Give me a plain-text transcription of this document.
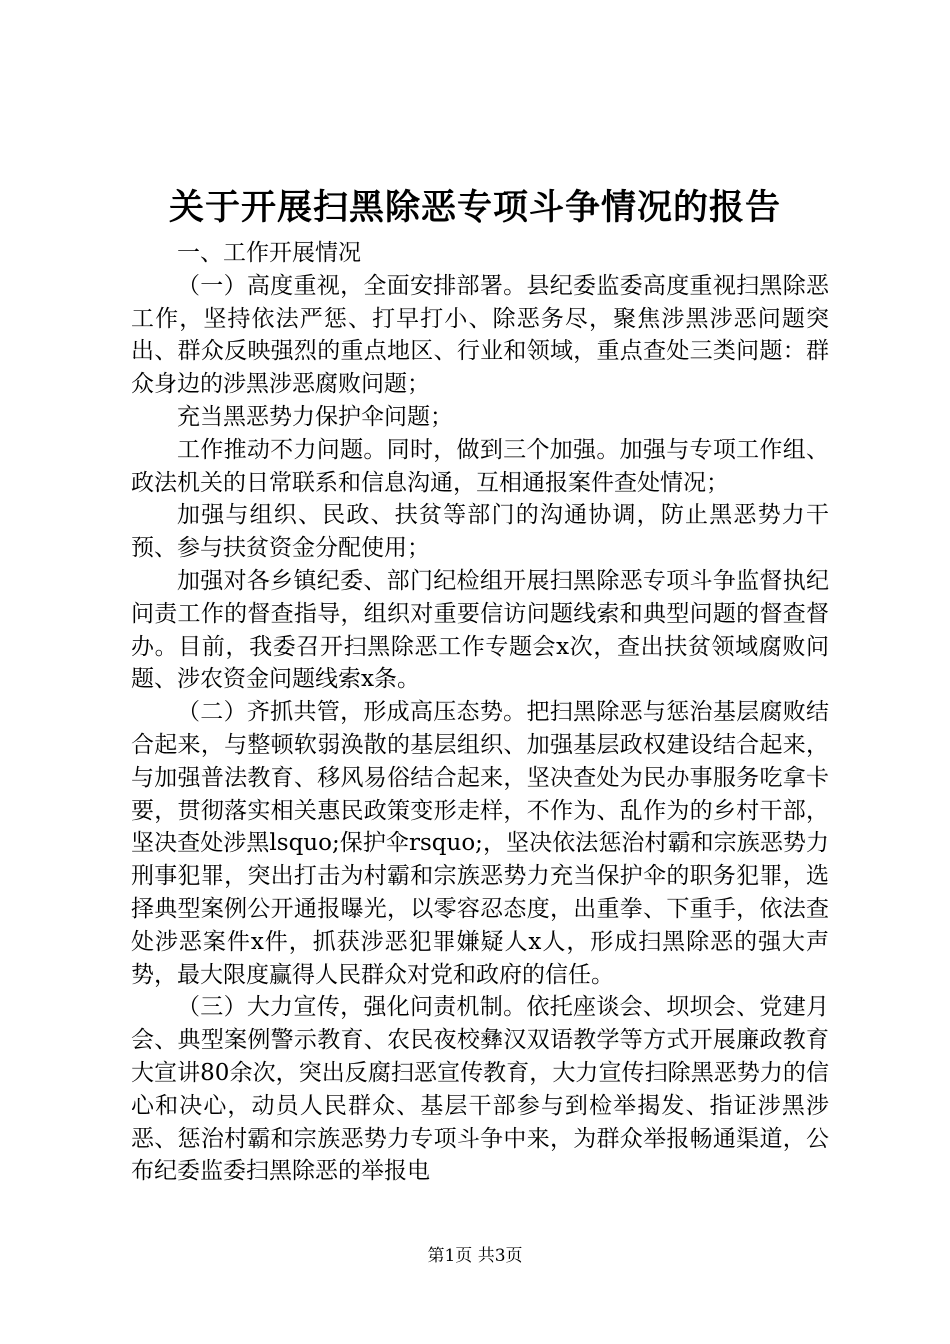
关于开展扫黑除恶专项斗争情况的报告

一、工作开展情况

（一）高度重视，全面安排部署。县纪委监委高度重视扫黑除恶工作，坚持依法严惩、打早打小、除恶务尽，聚焦涉黑涉恶问题突出、群众反映强烈的重点地区、行业和领域，重点查处三类问题：群众身边的涉黑涉恶腐败问题；

充当黑恶势力保护伞问题；

工作推动不力问题。同时，做到三个加强。加强与专项工作组、政法机关的日常联系和信息沟通，互相通报案件查处情况；

加强与组织、民政、扶贫等部门的沟通协调，防止黑恶势力干预、参与扶贫资金分配使用；

加强对各乡镇纪委、部门纪检组开展扫黑除恶专项斗争监督执纪问责工作的督查指导，组织对重要信访问题线索和典型问题的督查督办。目前，我委召开扫黑除恶工作专题会x次，查出扶贫领域腐败问题、涉农资金问题线索x条。

（二）齐抓共管，形成高压态势。把扫黑除恶与惩治基层腐败结合起来，与整顿软弱涣散的基层组织、加强基层政权建设结合起来，与加强普法教育、移风易俗结合起来，坚决查处为民办事服务吃拿卡要，贯彻落实相关惠民政策变形走样，不作为、乱作为的乡村干部，坚决查处涉黑lsquo;保护伞rsquo;，坚决依法惩治村霸和宗族恶势力刑事犯罪，突出打击为村霸和宗族恶势力充当保护伞的职务犯罪，选择典型案例公开通报曝光，以零容忍态度，出重拳、下重手，依法查处涉恶案件x件，抓获涉恶犯罪嫌疑人x人，形成扫黑除恶的强大声势，最大限度赢得人民群众对党和政府的信任。

（三）大力宣传，强化问责机制。依托座谈会、坝坝会、党建月会、典型案例警示教育、农民夜校彝汉双语教学等方式开展廉政教育大宣讲80余次，突出反腐扫恶宣传教育，大力宣传扫除黑恶势力的信心和决心，动员人民群众、基层干部参与到检举揭发、指证涉黑涉恶、惩治村霸和宗族恶势力专项斗争中来，为群众举报畅通渠道，公布纪委监委扫黑除恶的举报电

第1页 共3页
